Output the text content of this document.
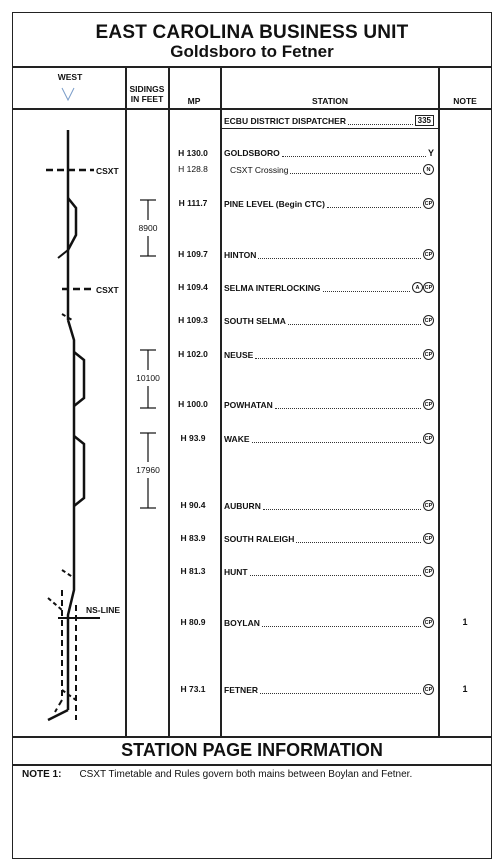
EAST CAROLINA BUSINESS UNIT
Goldsboro to Fetner
WEST
SIDINGS IN FEET	MP	STATION	NOTE
ECBU DISTRICT DISPATCHER	335
H 130.0	GOLDSBORO	Y
H 128.8	CSXT Crossing	N
H 111.7	PINE LEVEL (Begin CTC)	CP
H 109.7	HINTON	CP
H 109.4	SELMA INTERLOCKING	A CP
H 109.3	SOUTH SELMA	CP
H 102.0	NEUSE	CP
H 100.0	POWHATAN	CP
H 93.9	WAKE	CP
H 90.4	AUBURN	CP
H 83.9	SOUTH RALEIGH	CP
H 81.3	HUNT	CP
H 80.9	BOYLAN	CP	1
H 73.1	FETNER	CP	1
8900
10100
17960
CSXT
CSXT
NS-LINE
STATION PAGE INFORMATION
NOTE 1: CSXT Timetable and Rules govern both mains between Boylan and Fetner.
